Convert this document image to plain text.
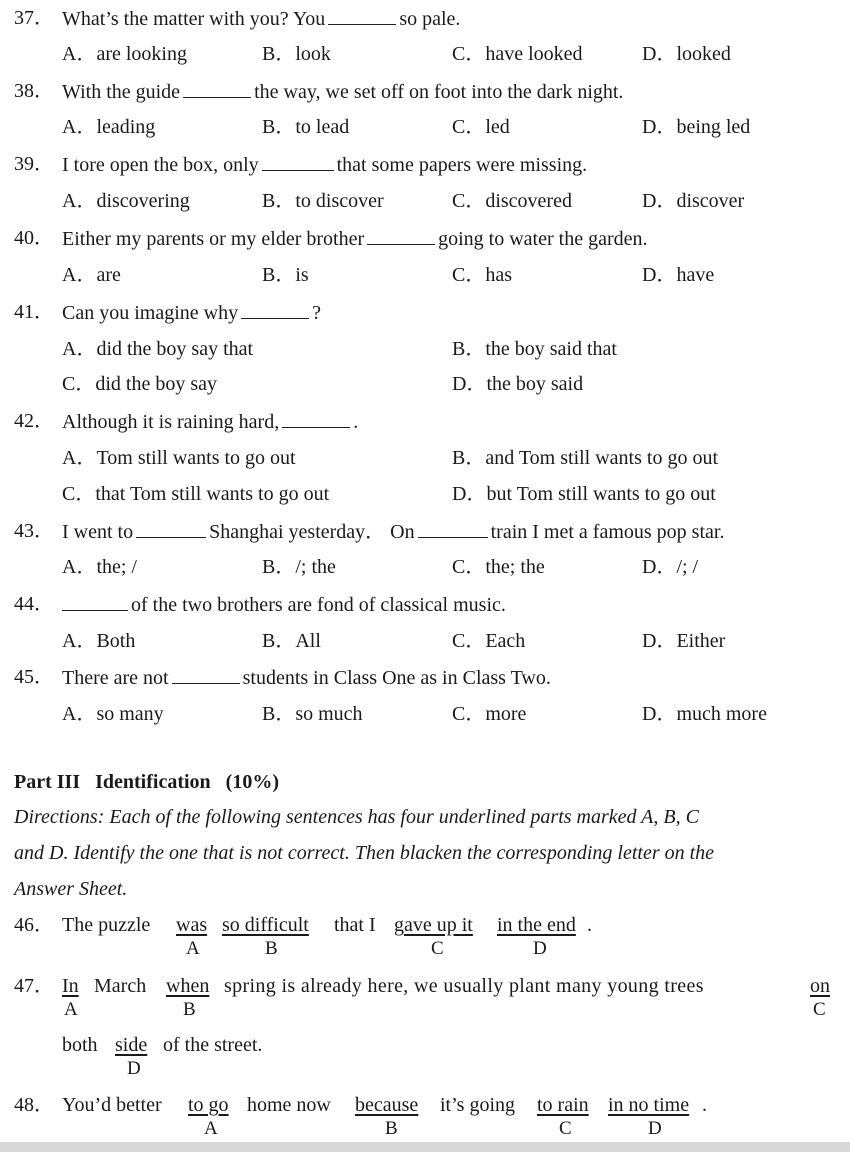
37． What’s the matter with you? You	so pale.
A．are looking	B．look	C．have looked	D．looked
38． With the guide	the way, we set off on foot into the dark night.
A．leading	B．to lead	C．led	D．being led
39． I tore open the box, only	that some papers were missing.
A．discovering	B．to discover	C．discovered	D．discover
40． Either my parents or my elder brother	going to water the garden.
A．are	B．is	C．has	D．have
41． Can you imagine why	?
A．did the boy say that	B．the boy said that
C．did the boy say	D．the boy said
42． Although it is raining hard,	.
A．Tom still wants to go out	B．and Tom still wants to go out
C．that Tom still wants to go out	D．but Tom still wants to go out
43． I went to	Shanghai yesterday． On	train I met a famous pop star.
A．the; /	B．/; the	C．the; the	D．/; /
44．	of the two brothers are fond of classical music.
A．Both	B．All	C．Each	D．Either
45． There are not	students in Class One as in Class Two.
A．so many	B．so much	C．more	D．much more
Part III   Identification   (10%)
Directions: Each of the following sentences has four underlined parts marked A, B, C
and D. Identify the one that is not correct. Then blacken the corresponding letter on the
Answer Sheet.
46． The puzzle was so difficult that I gave up it in the end .
A	B	C	D
47． In March when spring is already here, we usually plant many young trees	on
A	B	C
both side of the street.
D
48． You’d better to go home now because it’s going to rain in no time .
A	B	C	D
